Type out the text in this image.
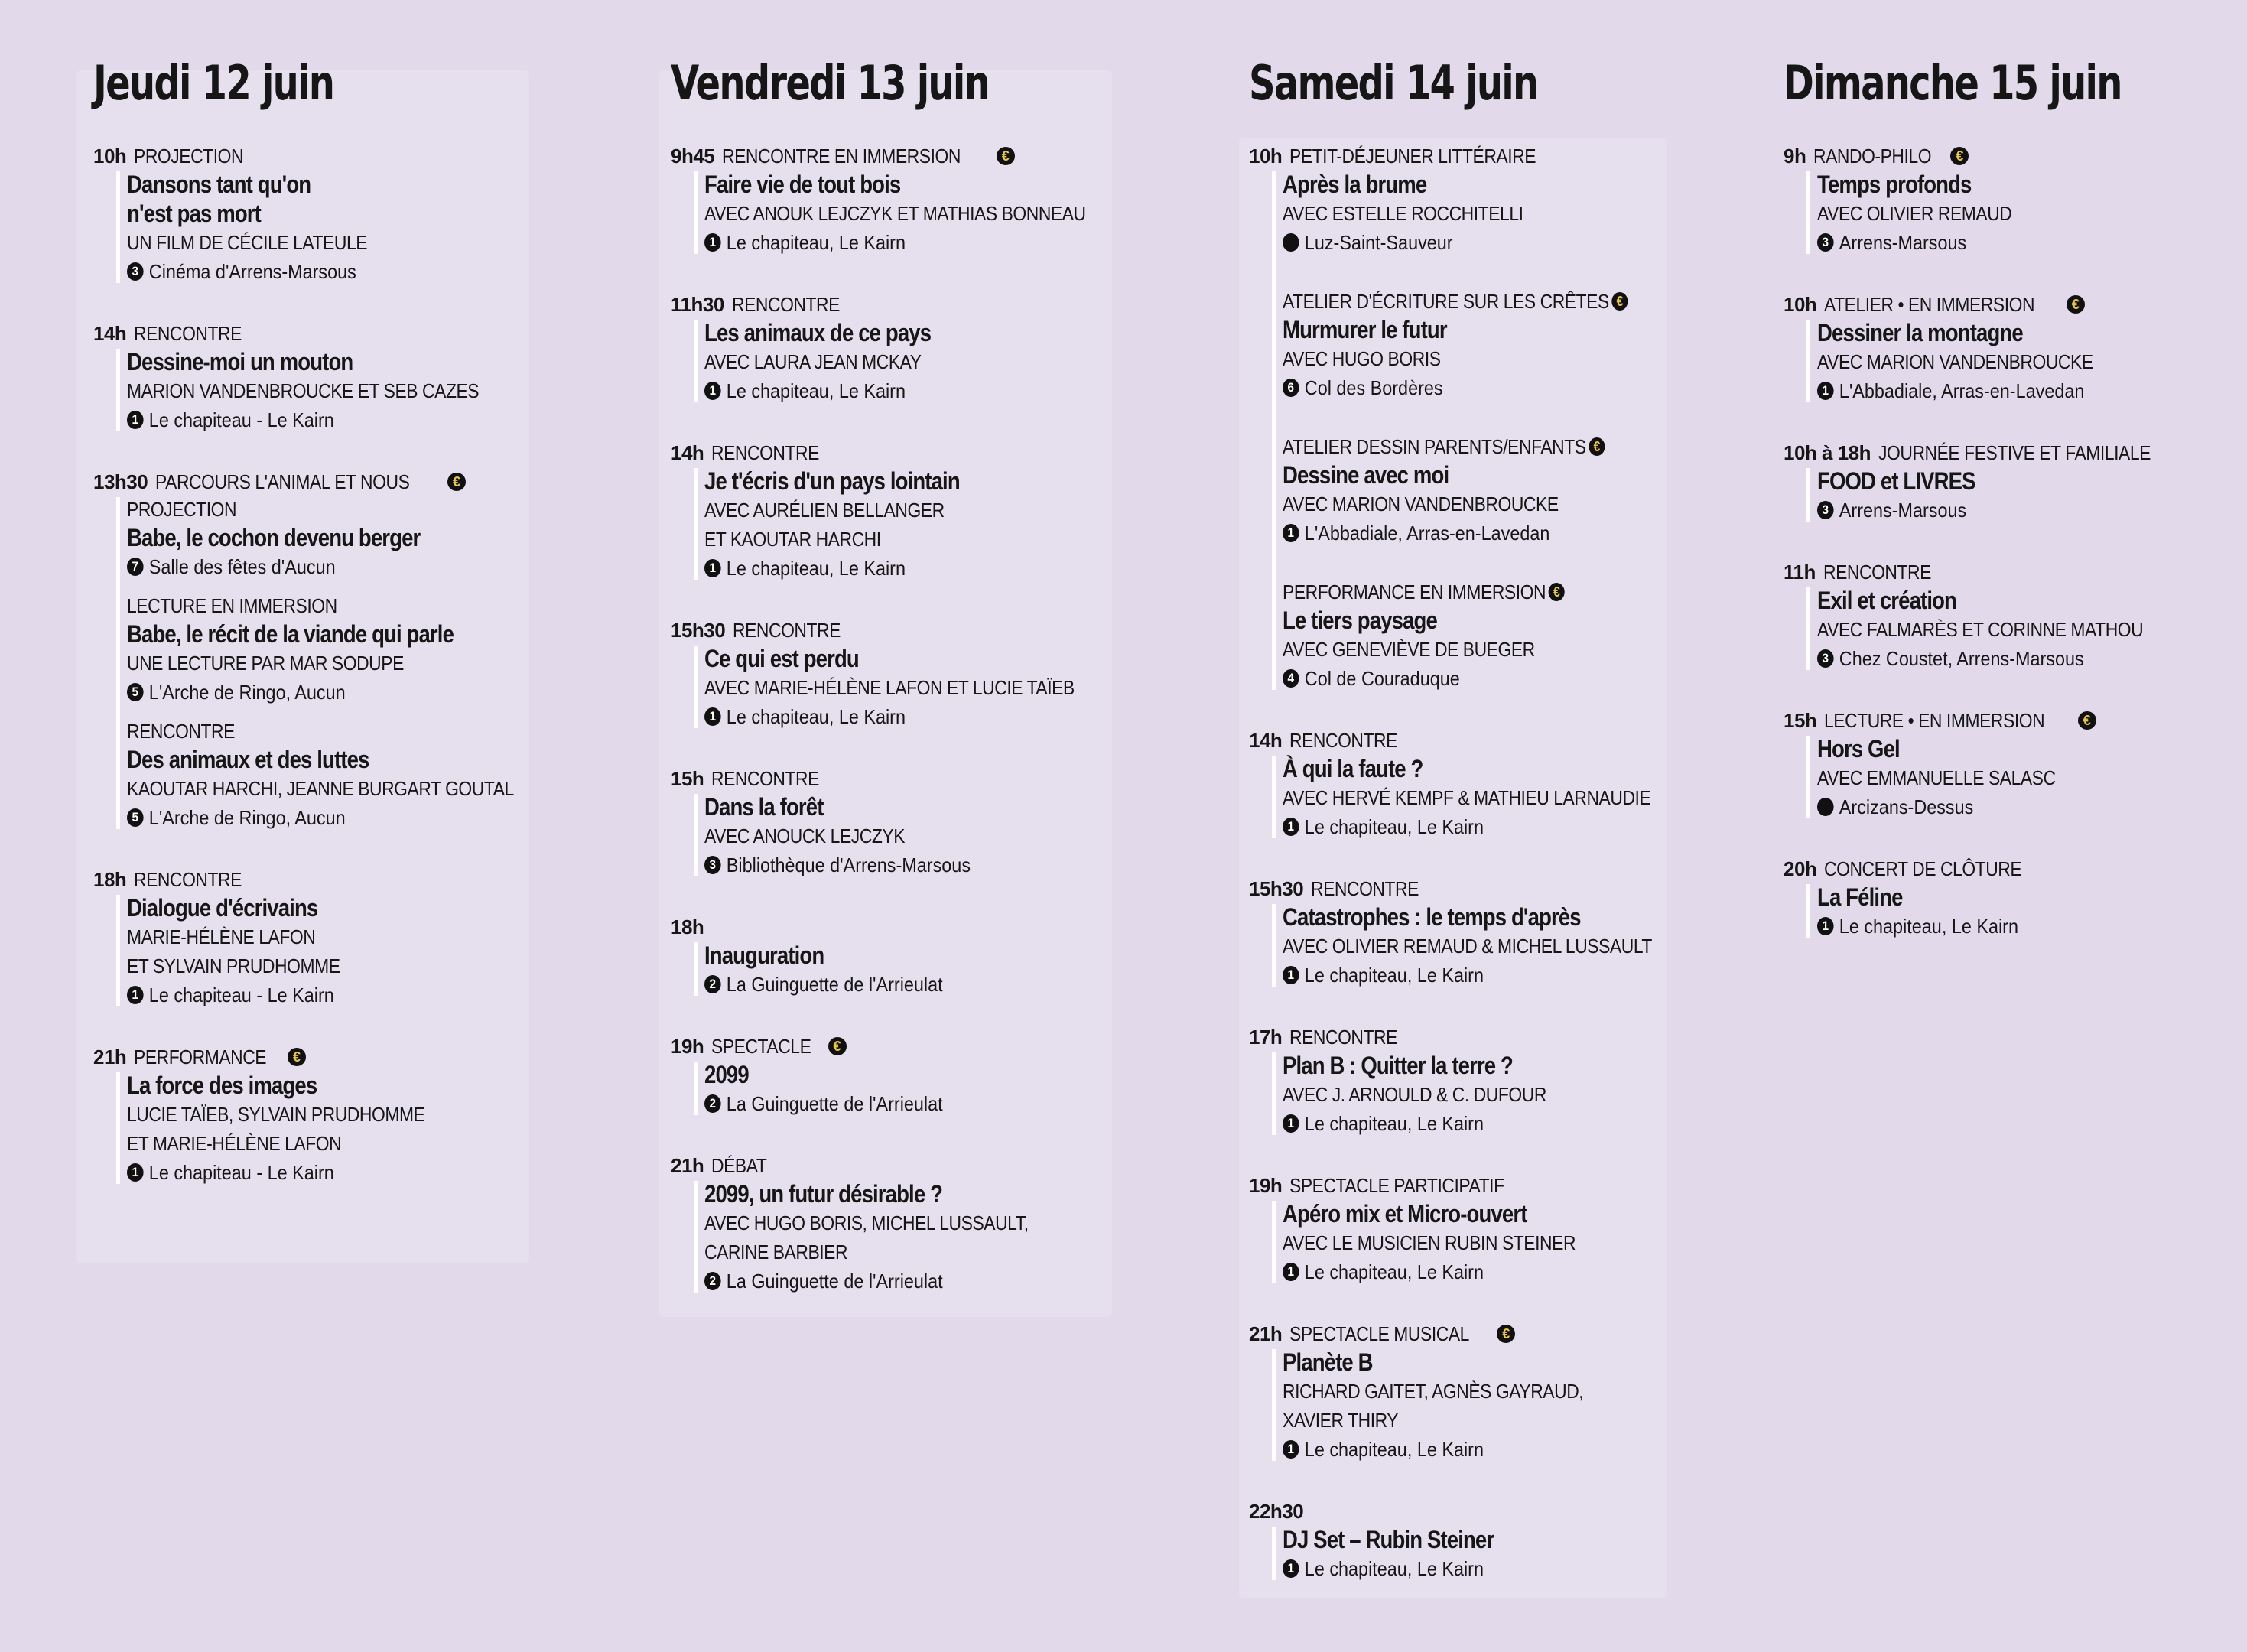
Jeudi 12 juin
10h PROJECTION
Dansons tant qu'on
n'est pas mort
UN FILM DE CÉCILE LATEULE
3 Cinéma d'Arrens-Marsous
14h RENCONTRE
Dessine-moi un mouton
MARION VANDENBROUCKE ET SEB CAZES
1 Le chapiteau - Le Kairn
13h30 PARCOURS L'ANIMAL ET NOUS	€
PROJECTION
Babe, le cochon devenu berger
7 Salle des fêtes d'Aucun
LECTURE EN IMMERSION
Babe, le récit de la viande qui parle
UNE LECTURE PAR MAR SODUPE
5 L'Arche de Ringo, Aucun
RENCONTRE
Des animaux et des luttes
KAOUTAR HARCHI, JEANNE BURGART GOUTAL
5 L'Arche de Ringo, Aucun
18h RENCONTRE
Dialogue d'écrivains
MARIE-HÉLÈNE LAFON
ET SYLVAIN PRUDHOMME
1 Le chapiteau - Le Kairn
21h PERFORMANCE	€
La force des images
LUCIE TAÏEB, SYLVAIN PRUDHOMME
ET MARIE-HÉLÈNE LAFON
1 Le chapiteau - Le Kairn
Vendredi 13 juin
9h45 RENCONTRE EN IMMERSION	€
Faire vie de tout bois
AVEC ANOUK LEJCZYK ET MATHIAS BONNEAU
1 Le chapiteau, Le Kairn
11h30 RENCONTRE
Les animaux de ce pays
AVEC LAURA JEAN MCKAY
1 Le chapiteau, Le Kairn
14h RENCONTRE
Je t'écris d'un pays lointain
AVEC AURÉLIEN BELLANGER
ET KAOUTAR HARCHI
1 Le chapiteau, Le Kairn
15h30 RENCONTRE
Ce qui est perdu
AVEC MARIE-HÉLÈNE LAFON ET LUCIE TAÏEB
1 Le chapiteau, Le Kairn
15h RENCONTRE
Dans la forêt
AVEC ANOUCK LEJCZYK
3 Bibliothèque d'Arrens-Marsous
18h
Inauguration
2 La Guinguette de l'Arrieulat
19h SPECTACLE	€
2099
2 La Guinguette de l'Arrieulat
21h DÉBAT
2099, un futur désirable ?
AVEC HUGO BORIS, MICHEL LUSSAULT,
CARINE BARBIER
2 La Guinguette de l'Arrieulat
Samedi 14 juin
10h PETIT-DÉJEUNER LITTÉRAIRE
Après la brume
AVEC ESTELLE ROCCHITELLI
Luz-Saint-Sauveur
ATELIER D'ÉCRITURE SUR LES CRÊTES €
Murmurer le futur
AVEC HUGO BORIS
6 Col des Bordères
ATELIER DESSIN PARENTS/ENFANTS €
Dessine avec moi
AVEC MARION VANDENBROUCKE
1 L'Abbadiale, Arras-en-Lavedan
PERFORMANCE EN IMMERSION €
Le tiers paysage
AVEC GENEVIÈVE DE BUEGER
4 Col de Couraduque
14h RENCONTRE
À qui la faute ?
AVEC HERVÉ KEMPF & MATHIEU LARNAUDIE
1 Le chapiteau, Le Kairn
15h30 RENCONTRE
Catastrophes : le temps d'après
AVEC OLIVIER REMAUD & MICHEL LUSSAULT
1 Le chapiteau, Le Kairn
17h RENCONTRE
Plan B : Quitter la terre ?
AVEC J. ARNOULD & C. DUFOUR
1 Le chapiteau, Le Kairn
19h SPECTACLE PARTICIPATIF
Apéro mix et Micro-ouvert
AVEC LE MUSICIEN RUBIN STEINER
1 Le chapiteau, Le Kairn
21h SPECTACLE MUSICAL	€
Planète B
RICHARD GAITET, AGNÈS GAYRAUD,
XAVIER THIRY
1 Le chapiteau, Le Kairn
22h30
DJ Set – Rubin Steiner
1 Le chapiteau, Le Kairn
Dimanche 15 juin
9h RANDO-PHILO	€
Temps profonds
AVEC OLIVIER REMAUD
3 Arrens-Marsous
10h ATELIER • EN IMMERSION	€
Dessiner la montagne
AVEC MARION VANDENBROUCKE
1 L'Abbadiale, Arras-en-Lavedan
10h à 18h JOURNÉE FESTIVE ET FAMILIALE
FOOD et LIVRES
3 Arrens-Marsous
11h RENCONTRE
Exil et création
AVEC FALMARÈS ET CORINNE MATHOU
3 Chez Coustet, Arrens-Marsous
15h LECTURE • EN IMMERSION	€
Hors Gel
AVEC EMMANUELLE SALASC
Arcizans-Dessus
20h CONCERT DE CLÔTURE
La Féline
1 Le chapiteau, Le Kairn
